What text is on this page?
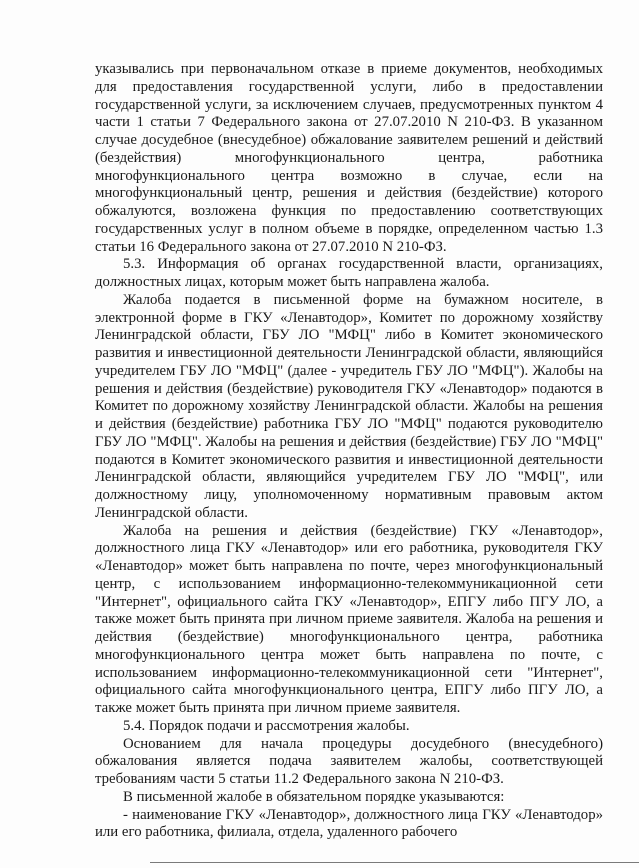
указывались при первоначальном отказе в приеме документов, необходимых для предоставления государственной услуги, либо в предоставлении государственной услуги, за исключением случаев, предусмотренных пунктом 4 части 1 статьи 7 Федерального закона от 27.07.2010 N 210-ФЗ. В указанном случае досудебное (внесудебное) обжалование заявителем решений и действий (бездействия) многофункционального центра, работника многофункционального центра возможно в случае, если на многофункциональный центр, решения и действия (бездействие) которого обжалуются, возложена функция по предоставлению соответствующих государственных услуг в полном объеме в порядке, определенном частью 1.3 статьи 16 Федерального закона от 27.07.2010 N 210-ФЗ.

5.3. Информация об органах государственной власти, организациях, должностных лицах, которым может быть направлена жалоба.

Жалоба подается в письменной форме на бумажном носителе, в электронной форме в ГКУ «Ленавтодор», Комитет по дорожному хозяйству Ленинградской области, ГБУ ЛО "МФЦ" либо в Комитет экономического развития и инвестиционной деятельности Ленинградской области, являющийся учредителем ГБУ ЛО "МФЦ" (далее - учредитель ГБУ ЛО "МФЦ"). Жалобы на решения и действия (бездействие) руководителя ГКУ «Ленавтодор» подаются в Комитет по дорожному хозяйству Ленинградской области. Жалобы на решения и действия (бездействие) работника ГБУ ЛО "МФЦ" подаются руководителю ГБУ ЛО "МФЦ". Жалобы на решения и действия (бездействие) ГБУ ЛО "МФЦ" подаются в Комитет экономического развития и инвестиционной деятельности Ленинградской области, являющийся учредителем ГБУ ЛО "МФЦ", или должностному лицу, уполномоченному нормативным правовым актом Ленинградской области.

Жалоба на решения и действия (бездействие) ГКУ «Ленавтодор», должностного лица ГКУ «Ленавтодор» или его работника, руководителя ГКУ «Ленавтодор» может быть направлена по почте, через многофункциональный центр, с использованием информационно-телекоммуникационной сети "Интернет", официального сайта ГКУ «Ленавтодор», ЕПГУ либо ПГУ ЛО, а также может быть принята при личном приеме заявителя. Жалоба на решения и действия (бездействие) многофункционального центра, работника многофункционального центра может быть направлена по почте, с использованием информационно-телекоммуникационной сети "Интернет", официального сайта многофункционального центра, ЕПГУ либо ПГУ ЛО, а также может быть принята при личном приеме заявителя.

5.4. Порядок подачи и рассмотрения жалобы.

Основанием для начала процедуры досудебного (внесудебного) обжалования является подача заявителем жалобы, соответствующей требованиям части 5 статьи 11.2 Федерального закона N 210-ФЗ.

В письменной жалобе в обязательном порядке указываются:

- наименование ГКУ «Ленавтодор», должностного лица ГКУ «Ленавтодор» или его работника, филиала, отдела, удаленного рабочего
